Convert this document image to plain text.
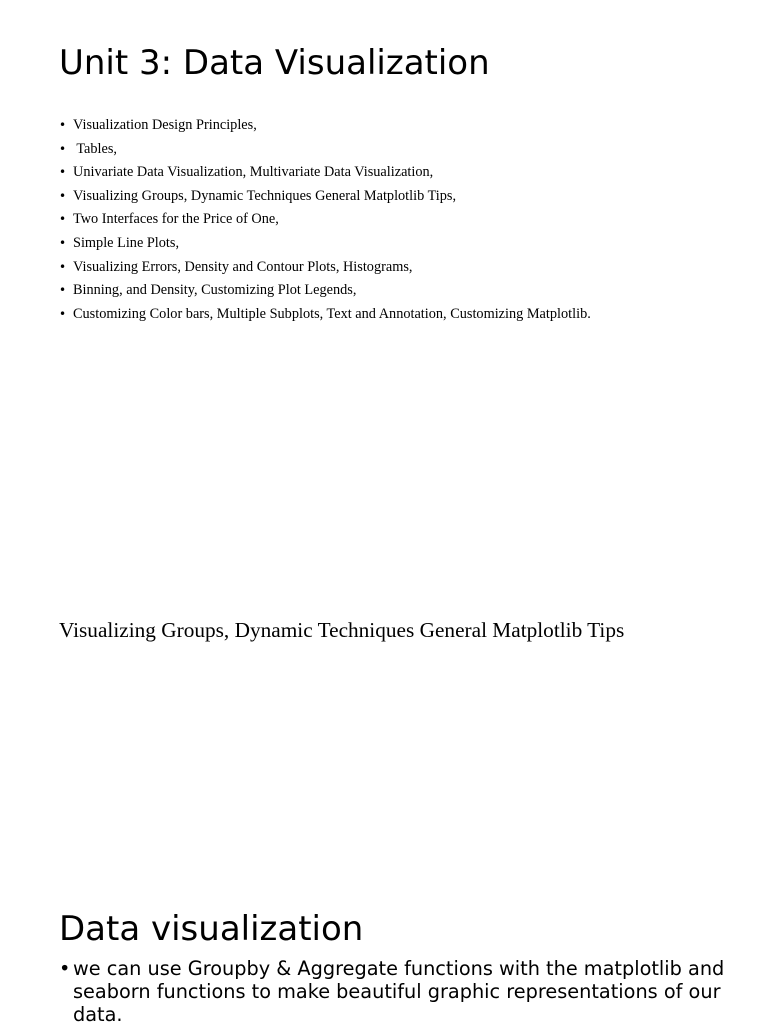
Unit 3: Data Visualization
• Visualization Design Principles,
• Tables,
• Univariate Data Visualization, Multivariate Data Visualization,
• Visualizing Groups, Dynamic Techniques General Matplotlib Tips,
• Two Interfaces for the Price of One,
• Simple Line Plots,
• Visualizing Errors, Density and Contour Plots, Histograms,
• Binning, and Density, Customizing Plot Legends,
• Customizing Color bars, Multiple Subplots, Text and Annotation, Customizing Matplotlib.
Visualizing Groups, Dynamic Techniques General Matplotlib Tips
Data visualization
• we can use Groupby & Aggregate functions with the matplotlib and seaborn functions to make beautiful graphic representations of our data.
